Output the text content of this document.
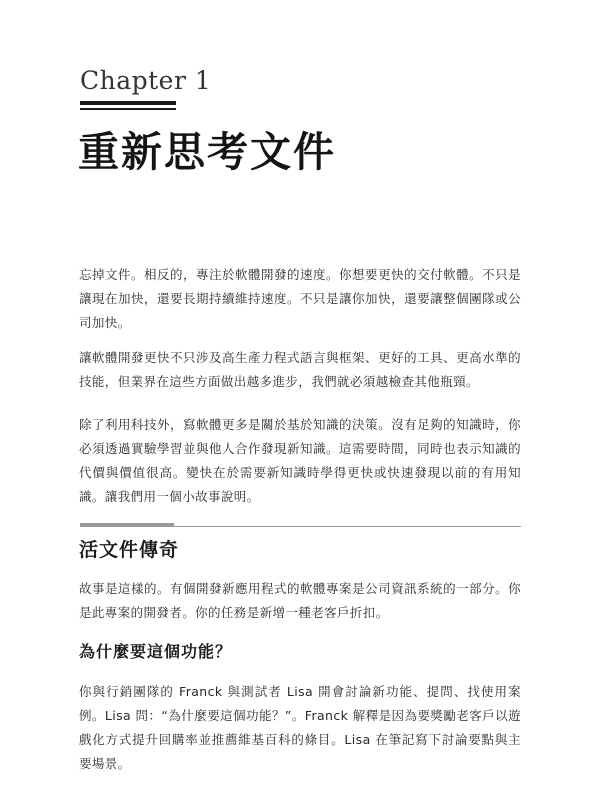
Chapter 1
重新思考文件

忘掉文件。相反的，專注於軟體開發的速度。你想要更快的交付軟體。不只是讓現在加快，還要長期持續維持速度。不只是讓你加快，還要讓整個團隊或公司加快。

讓軟體開發更快不只涉及高生產力程式語言與框架、更好的工具、更高水準的技能，但業界在這些方面做出越多進步，我們就必須越檢查其他瓶頸。

除了利用科技外，寫軟體更多是關於基於知識的決策。沒有足夠的知識時，你必須透過實驗學習並與他人合作發現新知識。這需要時間，同時也表示知識的代價與價值很高。變快在於需要新知識時學得更快或快速發現以前的有用知識。讓我們用一個小故事說明。

活文件傳奇

故事是這樣的。有個開發新應用程式的軟體專案是公司資訊系統的一部分。你是此專案的開發者。你的任務是新增一種老客戶折扣。

為什麼要這個功能？

你與行銷團隊的 Franck 與測試者 Lisa 開會討論新功能、提問、找使用案例。Lisa 問：“為什麼要這個功能？”。Franck 解釋是因為要獎勵老客戶以遊戲化方式提升回購率並推薦維基百科的條目。Lisa 在筆記寫下討論要點與主要場景。
